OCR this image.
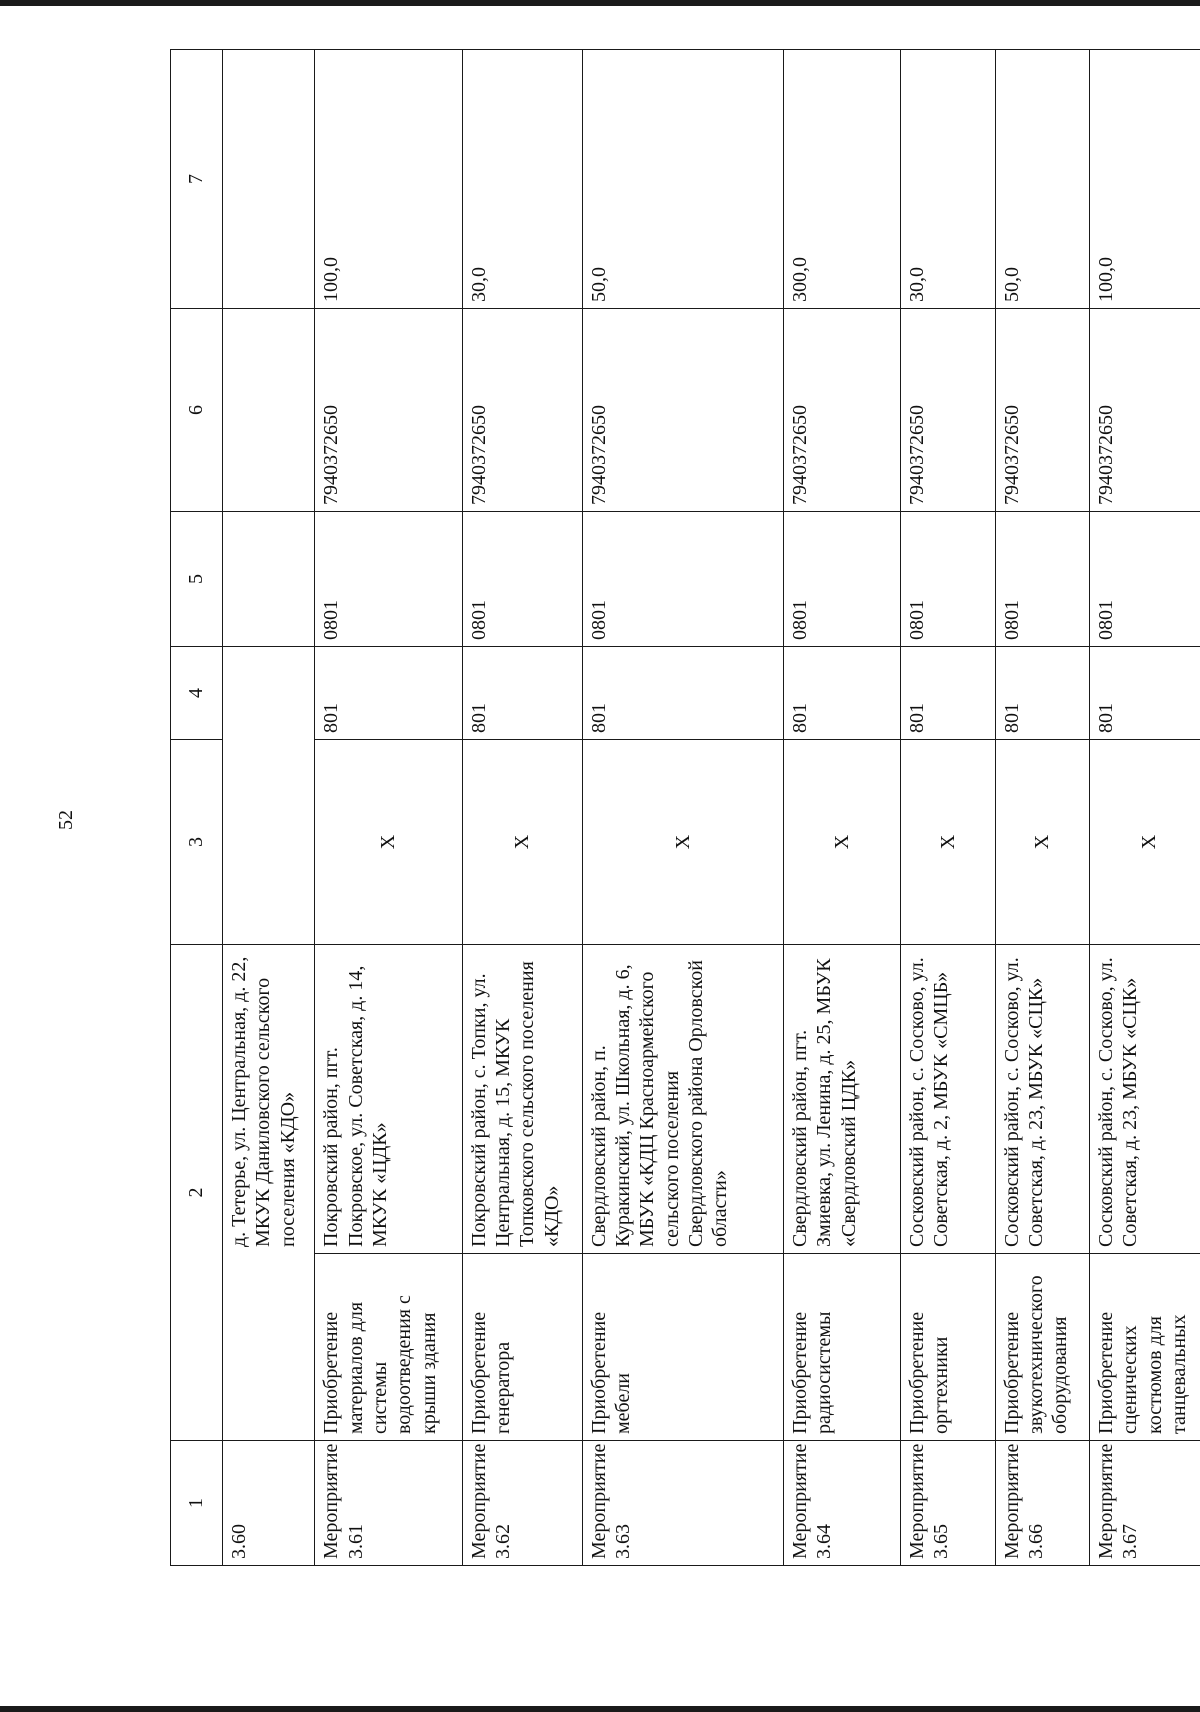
52
1	2		3	4	5	6	7
3.60		д. Тетерье, ул. Центральная, д. 22, МКУК Даниловского сельского поселения «КДО»					
Мероприятие 3.61	Приобретение материалов для системы водоотведения с крыши здания	Покровский район, пгт. Покровское, ул. Советская, д. 14, МКУК «ЦДК»	Х	801	0801	7940372650	100,0
Мероприятие 3.62	Приобретение генератора	Покровский район, с. Топки, ул. Центральная, д. 15, МКУК Топковского сельского поселения «КДО»	Х	801	0801	7940372650	30,0
Мероприятие 3.63	Приобретение мебели	Свердловский район, п. Куракинский, ул. Школьная, д. 6, МБУК «КДЦ Красноармейского сельского поселения Свердловского района Орловской области»	Х	801	0801	7940372650	50,0
Мероприятие 3.64	Приобретение радиосистемы	Свердловский район, пгт. Змиевка, ул. Ленина, д. 25, МБУК «Свердловский ЦДК»	Х	801	0801	7940372650	300,0
Мероприятие 3.65	Приобретение оргтехники	Сосковский район, с. Сосково, ул. Советская, д. 2, МБУК «СМЦБ»	Х	801	0801	7940372650	30,0
Мероприятие 3.66	Приобретение звукотехнического оборудования	Сосковский район, с. Сосково, ул. Советская, д. 23, МБУК «СЦК»	Х	801	0801	7940372650	50,0
Мероприятие 3.67	Приобретение сценических костюмов для танцевальных	Сосковский район, с. Сосково, ул. Советская, д. 23, МБУК «СЦК»	Х	801	0801	7940372650	100,0
